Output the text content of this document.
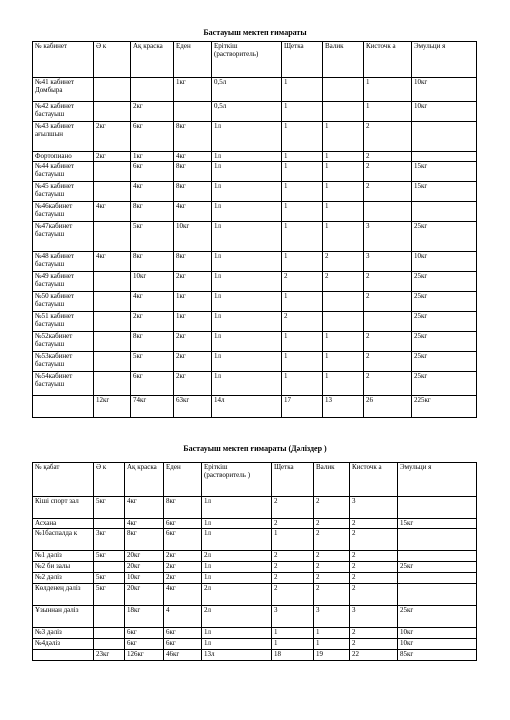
Бастауыш мектеп ғимараты
№ кабинет	Ә к	Ақ краска	Еден	Еріткіш (растворитель)	Щетка	Валик	Кисточк а	Эмульци я
№41 кабинет Домбыра			1кг	0,5л	1		1	10кг
№42 кабинет бастауыш		2кг		0,5л	1		1	10кг
№43 кабинет ағылшын	2кг	6кг	8кг	1л	1	1	2	
Фортопиано	2кг	1кг	4кг	1л	1	1	2	
№44 кабинет бастауыш		6кг	8кг	1л	1	1	2	15кг
№45 кабинет бастауыш		4кг	8кг	1л	1	1	2	15кг
№46кабинет бастауыш	4кг	8кг	4кг	1л	1	1		
№47кабинет бастауыш		5кг	10кг	1л	1	1	3	25кг
№48 кабинет бастауыш	4кг	8кг	8кг	1л	1	2	3	10кг
№49 кабинет бастауыш		10кг	2кг	1л	2	2	2	25кг
№50 кабинет бастауыш		4кг	1кг	1л	1		2	25кг
№51 кабинет бастауыш		2кг	1кг	1л	2			25кг
№52кабинет бастауыш		8кг	2кг	1л	1	1	2	25кг
№53кабинет бастауыш		5кг	2кг	1л	1	1	2	25кг
№54кабинет бастауыш		6кг	2кг	1л	1	1	2	25кг
	12кг	74кг	63кг	14л	17	13	26	225кг
Бастауыш мектеп ғимараты (Дәліздер )
№ қабат	Ә к	Ақ краска	Еден	Еріткіш (растворитель )	Щетка	Валик	Кисточк а	Эмульци я
Кіші спорт зал	5кг	4кг	8кг	1л	2	2	3	
Асхана		4кг	6кг	1л	2	2	2	15кг
№1баспалда к	3кг	8кг	6кг	1л	1	2	2	
№1 дәліз	5кг	20кг	2кг	2л	2	2	2	
№2 би залы		20кг	2кг	1л	2	2	2	25кг
№2 дәліз	5кг	10кг	2кг	1л	2	2	2	
Көлденең дәліз	5кг	20кг	4кг	2л	2	2	2	
Ұзыннан дәліз		18кг	4	2л	3	3	3	25кг
№3 дәліз		6кг	6кг	1л	1	1	2	10кг
№4дәліз		6кг	6кг	1л	1	1	2	10кг
	23кг	126кг	46кг	13л	18	19	22	85кг
